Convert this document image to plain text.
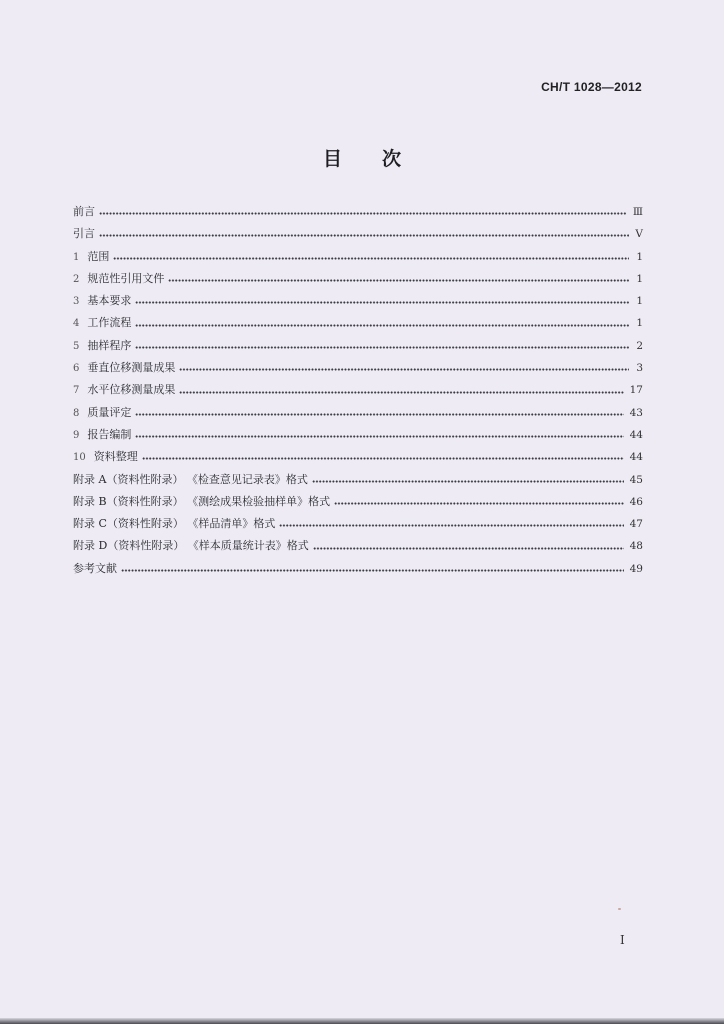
CH/T 1028—2012
目次
前言	Ⅲ
引言	Ⅴ
1 范围	1
2 规范性引用文件	1
3 基本要求	1
4 工作流程	1
5 抽样程序	2
6 垂直位移测量成果	3
7 水平位移测量成果	17
8 质量评定	43
9 报告编制	44
10 资料整理	44
附录 A（资料性附录） 《检查意见记录表》格式	45
附录 B（资料性附录） 《测绘成果检验抽样单》格式	46
附录 C（资料性附录） 《样品清单》格式	47
附录 D（资料性附录） 《样本质量统计表》格式	48
参考文献	49
I
